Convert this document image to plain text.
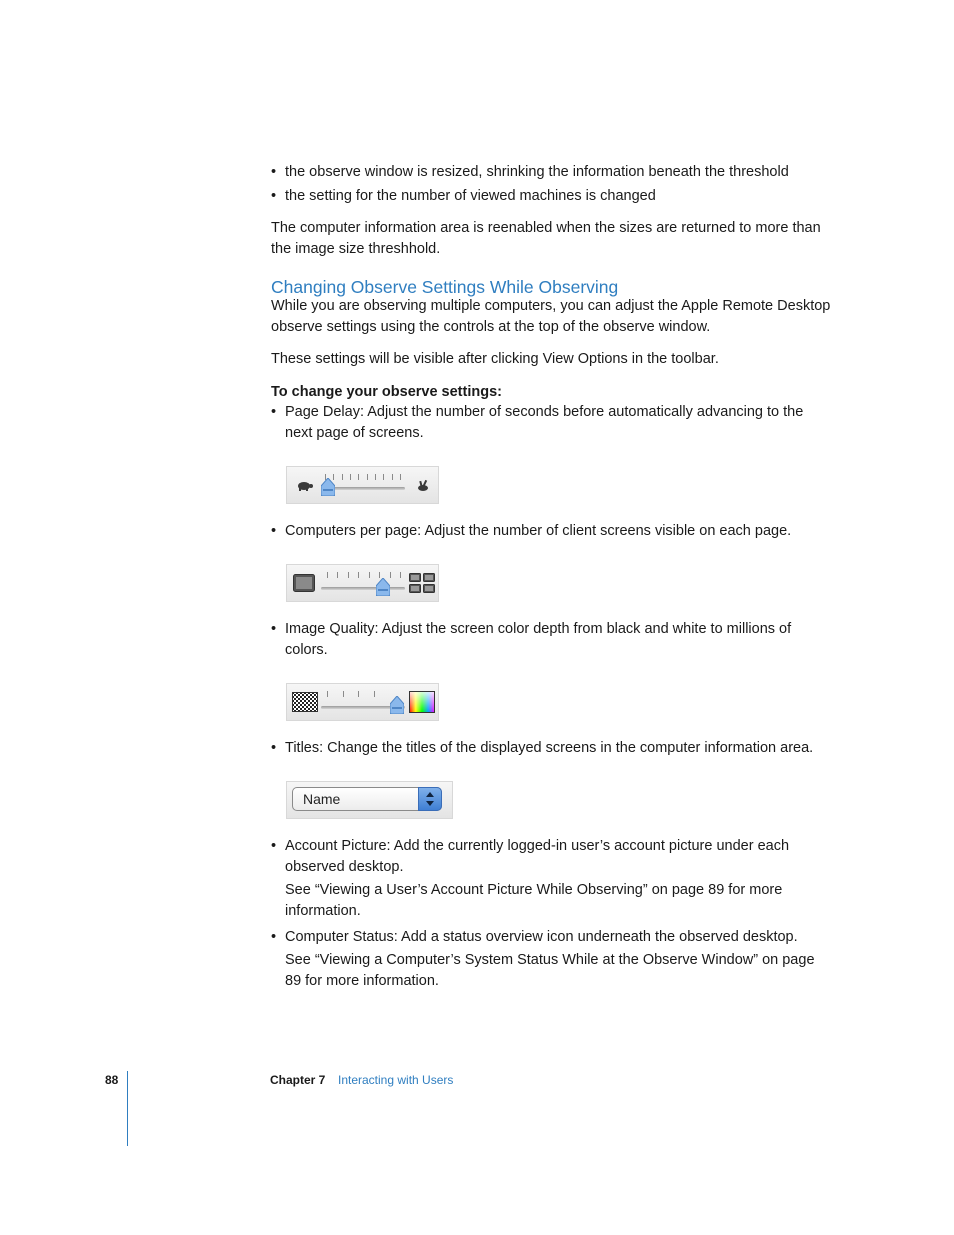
• the observe window is resized, shrinking the information beneath the threshold
• the setting for the number of viewed machines is changed
The computer information area is reenabled when the sizes are returned to more than the image size threshhold.
Changing Observe Settings While Observing
While you are observing multiple computers, you can adjust the Apple Remote Desktop observe settings using the controls at the top of the observe window.
These settings will be visible after clicking View Options in the toolbar.
To change your observe settings:
• Page Delay: Adjust the number of seconds before automatically advancing to the next page of screens.
• Computers per page: Adjust the number of client screens visible on each page.
• Image Quality: Adjust the screen color depth from black and white to millions of colors.
• Titles: Change the titles of the displayed screens in the computer information area.
Name
• Account Picture: Add the currently logged-in user’s account picture under each observed desktop.
See “Viewing a User’s Account Picture While Observing” on page 89 for more information.
• Computer Status: Add a status overview icon underneath the observed desktop.
See “Viewing a Computer’s System Status While at the Observe Window” on page 89 for more information.
88	Chapter 7 Interacting with Users
